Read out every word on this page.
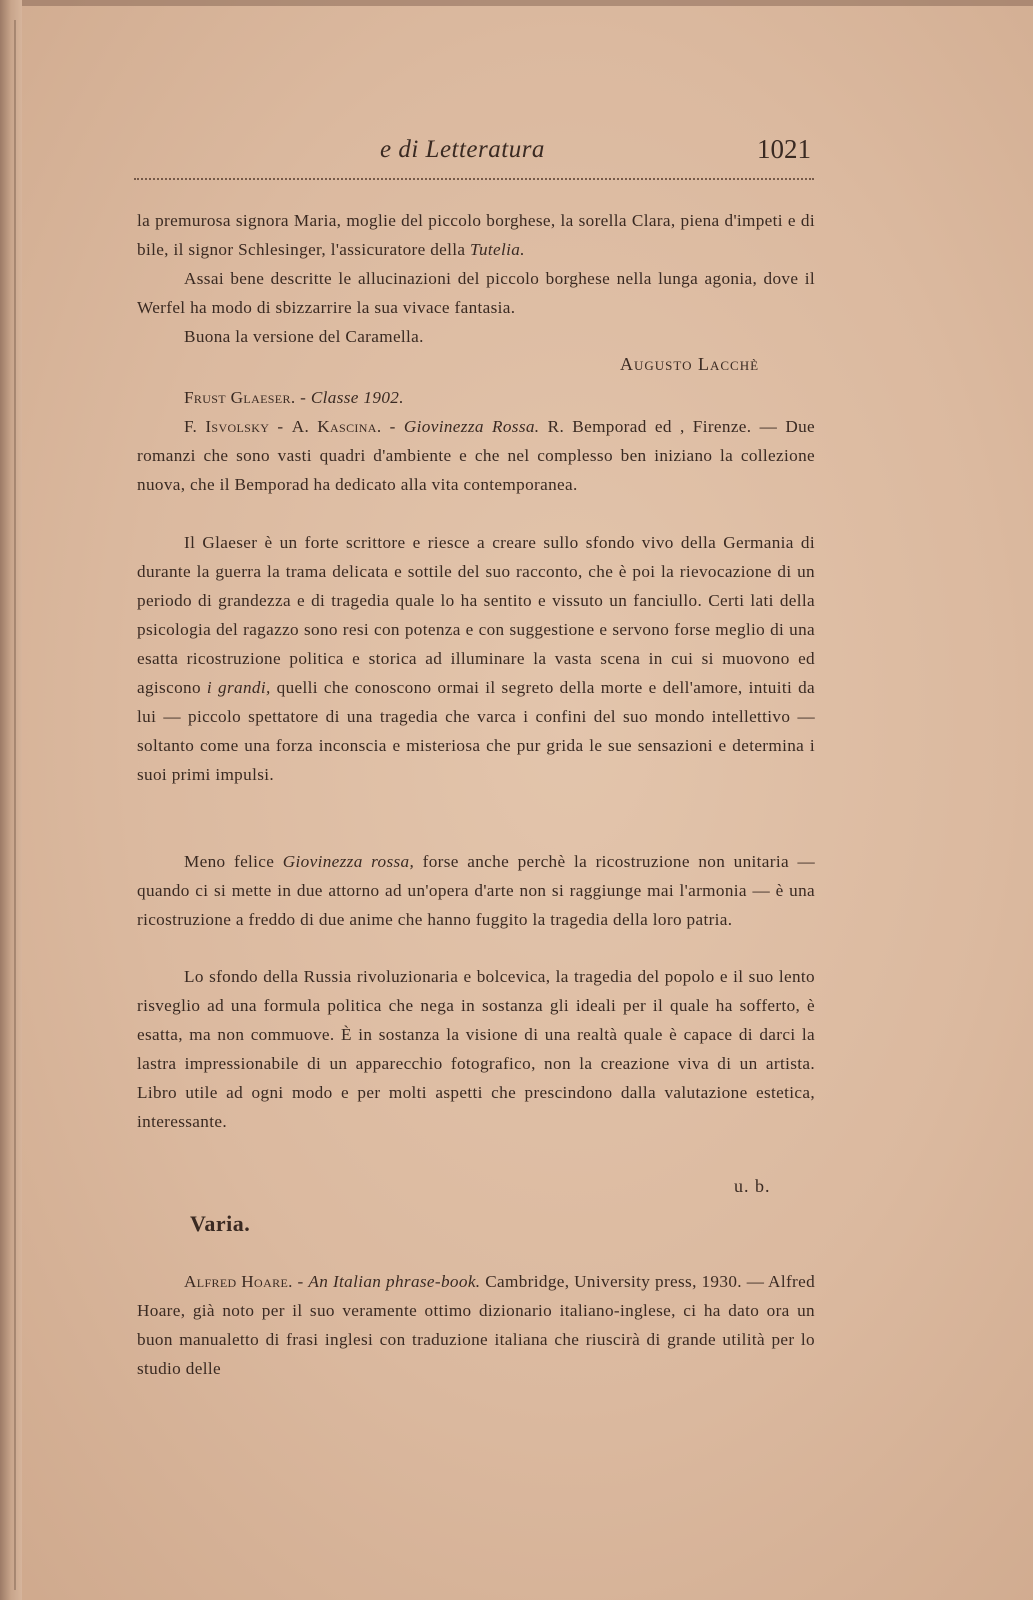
e di Letteratura	1021

la premurosa signora Maria, moglie del piccolo borghese, la sorella Clara, piena d'impeti e di bile, il signor Schlesinger, l'assicuratore della Tutelia.

Assai bene descritte le allucinazioni del piccolo borghese nella lunga agonia, dove il Werfel ha modo di sbizzarrire la sua vivace fantasia.

Buona la versione del Caramella.

Augusto Lacchè

Frust Glaeser. - Classe 1902.

F. Isvolsky - A. Kascina. - Giovinezza Rossa. R. Bemporad ed , Firenze. — Due romanzi che sono vasti quadri d'ambiente e che nel complesso ben iniziano la collezione nuova, che il Bemporad ha dedicato alla vita contemporanea.

Il Glaeser è un forte scrittore e riesce a creare sullo sfondo vivo della Germania di durante la guerra la trama delicata e sottile del suo racconto, che è poi la rievocazione di un periodo di grandezza e di tragedia quale lo ha sentito e vissuto un fanciullo. Certi lati della psicologia del ragazzo sono resi con potenza e con suggestione e servono forse meglio di una esatta ricostruzione politica e storica ad illuminare la vasta scena in cui si muovono ed agiscono i grandi, quelli che conoscono ormai il segreto della morte e dell'amore, intuiti da lui — piccolo spettatore di una tragedia che varca i confini del suo mondo intellettivo — soltanto come una forza inconscia e misteriosa che pur grida le sue sensazioni e determina i suoi primi impulsi.

Meno felice Giovinezza rossa, forse anche perchè la ricostruzione non unitaria — quando ci si mette in due attorno ad un'opera d'arte non si raggiunge mai l'armonia — è una ricostruzione a freddo di due anime che hanno fuggito la tragedia della loro patria.

Lo sfondo della Russia rivoluzionaria e bolcevica, la tragedia del popolo e il suo lento risveglio ad una formula politica che nega in sostanza gli ideali per il quale ha sofferto, è esatta, ma non commuove. È in sostanza la visione di una realtà quale è capace di darci la lastra impressionabile di un apparecchio fotografico, non la creazione viva di un artista. Libro utile ad ogni modo e per molti aspetti che prescindono dalla valutazione estetica, interessante.

u. b.
Varia.

Alfred Hoare. - An Italian phrase-book. Cambridge, University press, 1930. — Alfred Hoare, già noto per il suo veramente ottimo dizionario italiano-inglese, ci ha dato ora un buon manualetto di frasi inglesi con traduzione italiana che riuscirà di grande utilità per lo studio delle
